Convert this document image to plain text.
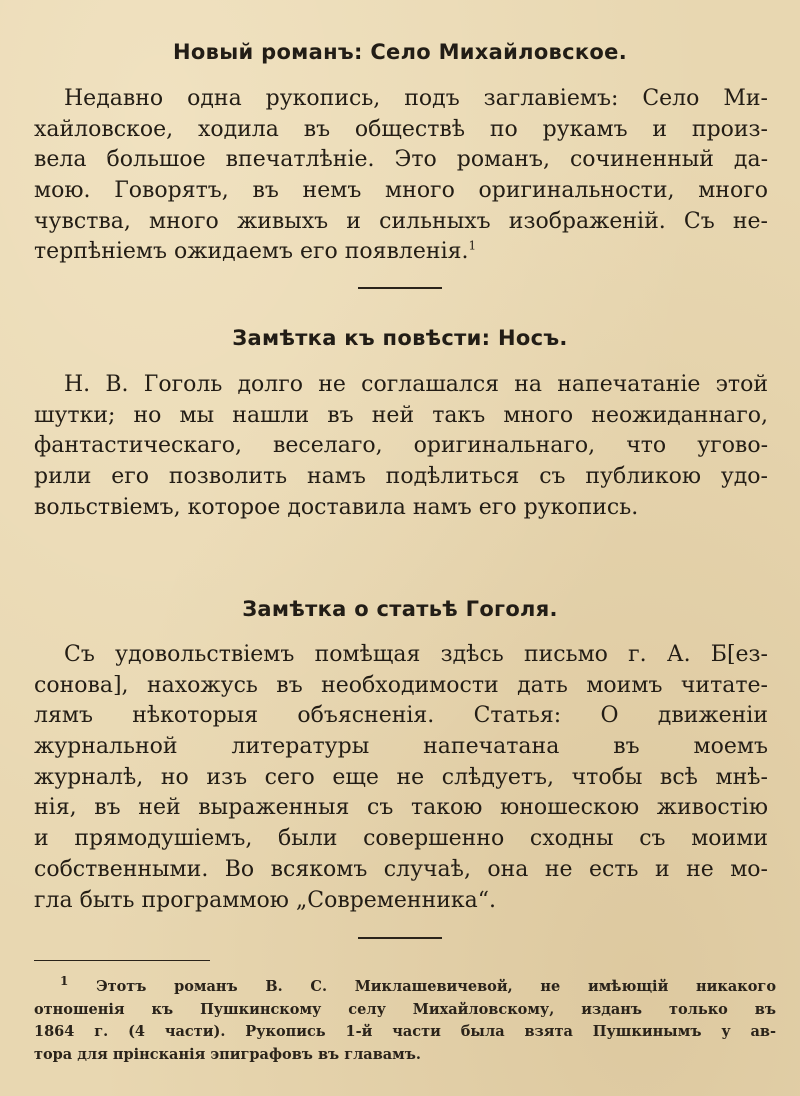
Новый романъ: Село Михайловское.
Недавно одна рукопись, подъ заглавіемъ: Село Ми-
хайловское, ходила въ обществѣ по рукамъ и произ-
вела большое впечатлѣніе. Это романъ, сочиненный да-
мою. Говорятъ, въ немъ много оригинальности, много
чувства, много живыхъ и сильныхъ изображеній. Съ не-
терпѣніемъ ожидаемъ его появленія.$^1$
Замѣтка къ повѣсти: Носъ.
Н. В. Гоголь долго не соглашался на напечатаніе этой
шутки; но мы нашли въ ней такъ много неожиданнаго,
фантастическаго, веселаго, оригинальнаго, что угово-
рили его позволить намъ подѣлиться съ публикою удо-
вольствіемъ, которое доставила намъ его рукопись.
Замѣтка о статьѣ Гоголя.
Съ удовольствіемъ помѣщая здѣсь письмо г. А. Б[ез-
сонова], нахожусь въ необходимости дать моимъ читате-
лямъ нѣкоторыя объясненія. Статья: О движеніи
журнальной литературы напечатана въ моемъ
журналѣ, но изъ сего еще не слѣдуетъ, чтобы всѣ мнѣ-
нія, въ ней выраженныя съ такою юношескою живостію
и прямодушіемъ, были совершенно сходны съ моими
собственными. Во всякомъ случаѣ, она не есть и не мо-
гла быть программою „Современника“.
$^1$ Этотъ романъ В. С. Миклашевичевой, не имѣющій никакого
отношенія къ Пушкинскому селу Михайловскому, изданъ только въ
1864 г. (4 части). Рукопись 1-й части была взята Пушкинымъ у ав-
тора для прінсканія эпиграфовъ въ главамъ.
